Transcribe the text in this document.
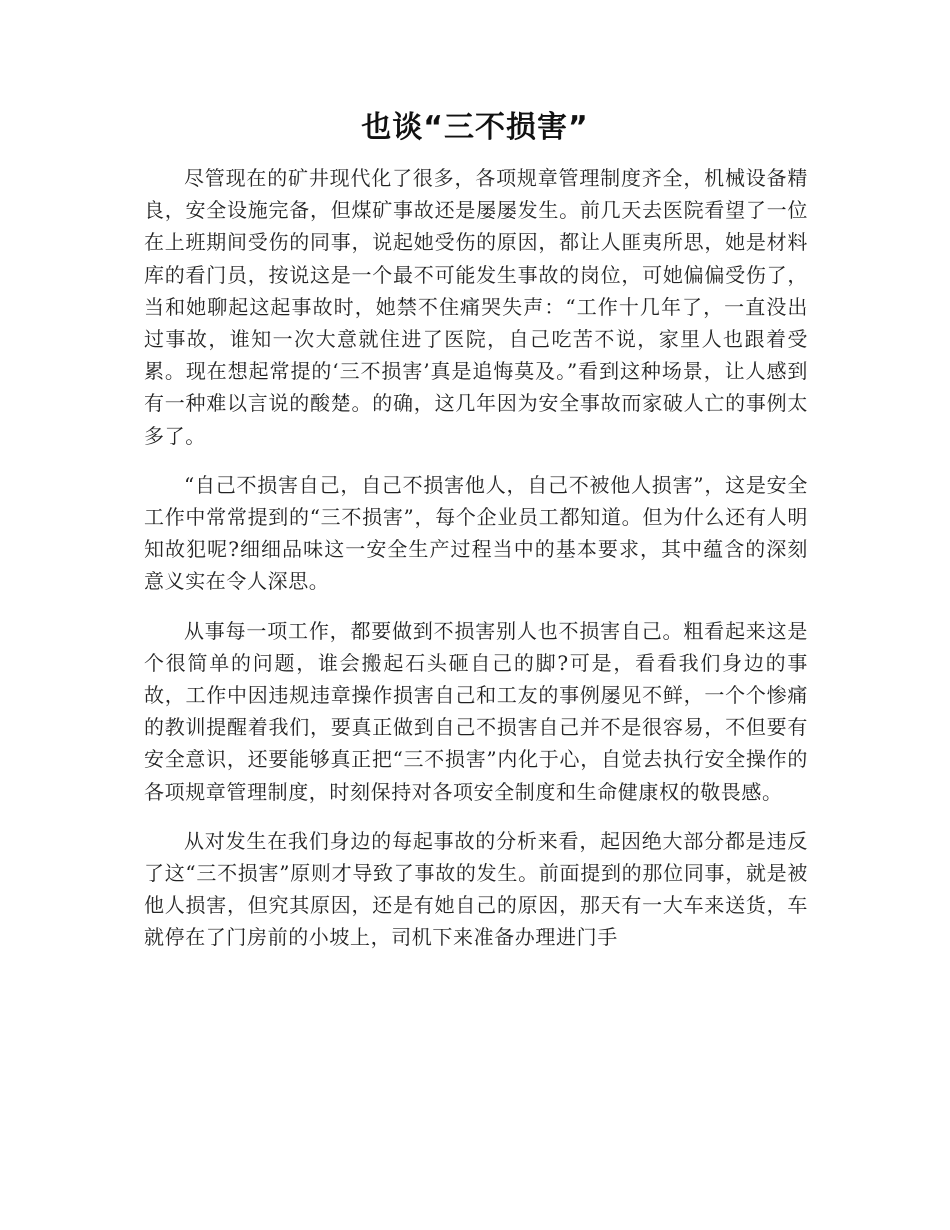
也谈“三不损害”

尽管现在的矿井现代化了很多，各项规章管理制度齐全，机械设备精良，安全设施完备，但煤矿事故还是屡屡发生。前几天去医院看望了一位在上班期间受伤的同事，说起她受伤的原因，都让人匪夷所思，她是材料库的看门员，按说这是一个最不可能发生事故的岗位，可她偏偏受伤了，当和她聊起这起事故时，她禁不住痛哭失声：“工作十几年了，一直没出过事故，谁知一次大意就住进了医院，自己吃苦不说，家里人也跟着受累。现在想起常提的‘三不损害’真是追悔莫及。”看到这种场景，让人感到有一种难以言说的酸楚。的确，这几年因为安全事故而家破人亡的事例太多了。

“自己不损害自己，自己不损害他人，自己不被他人损害”，这是安全工作中常常提到的“三不损害”，每个企业员工都知道。但为什么还有人明知故犯呢?细细品味这一安全生产过程当中的基本要求，其中蕴含的深刻意义实在令人深思。

从事每一项工作，都要做到不损害别人也不损害自己。粗看起来这是个很简单的问题，谁会搬起石头砸自己的脚?可是，看看我们身边的事故，工作中因违规违章操作损害自己和工友的事例屡见不鲜，一个个惨痛的教训提醒着我们，要真正做到自己不损害自己并不是很容易，不但要有安全意识，还要能够真正把“三不损害”内化于心，自觉去执行安全操作的各项规章管理制度，时刻保持对各项安全制度和生命健康权的敬畏感。

从对发生在我们身边的每起事故的分析来看，起因绝大部分都是违反了这“三不损害”原则才导致了事故的发生。前面提到的那位同事，就是被他人损害，但究其原因，还是有她自己的原因，那天有一大车来送货，车就停在了门房前的小坡上，司机下来准备办理进门手
